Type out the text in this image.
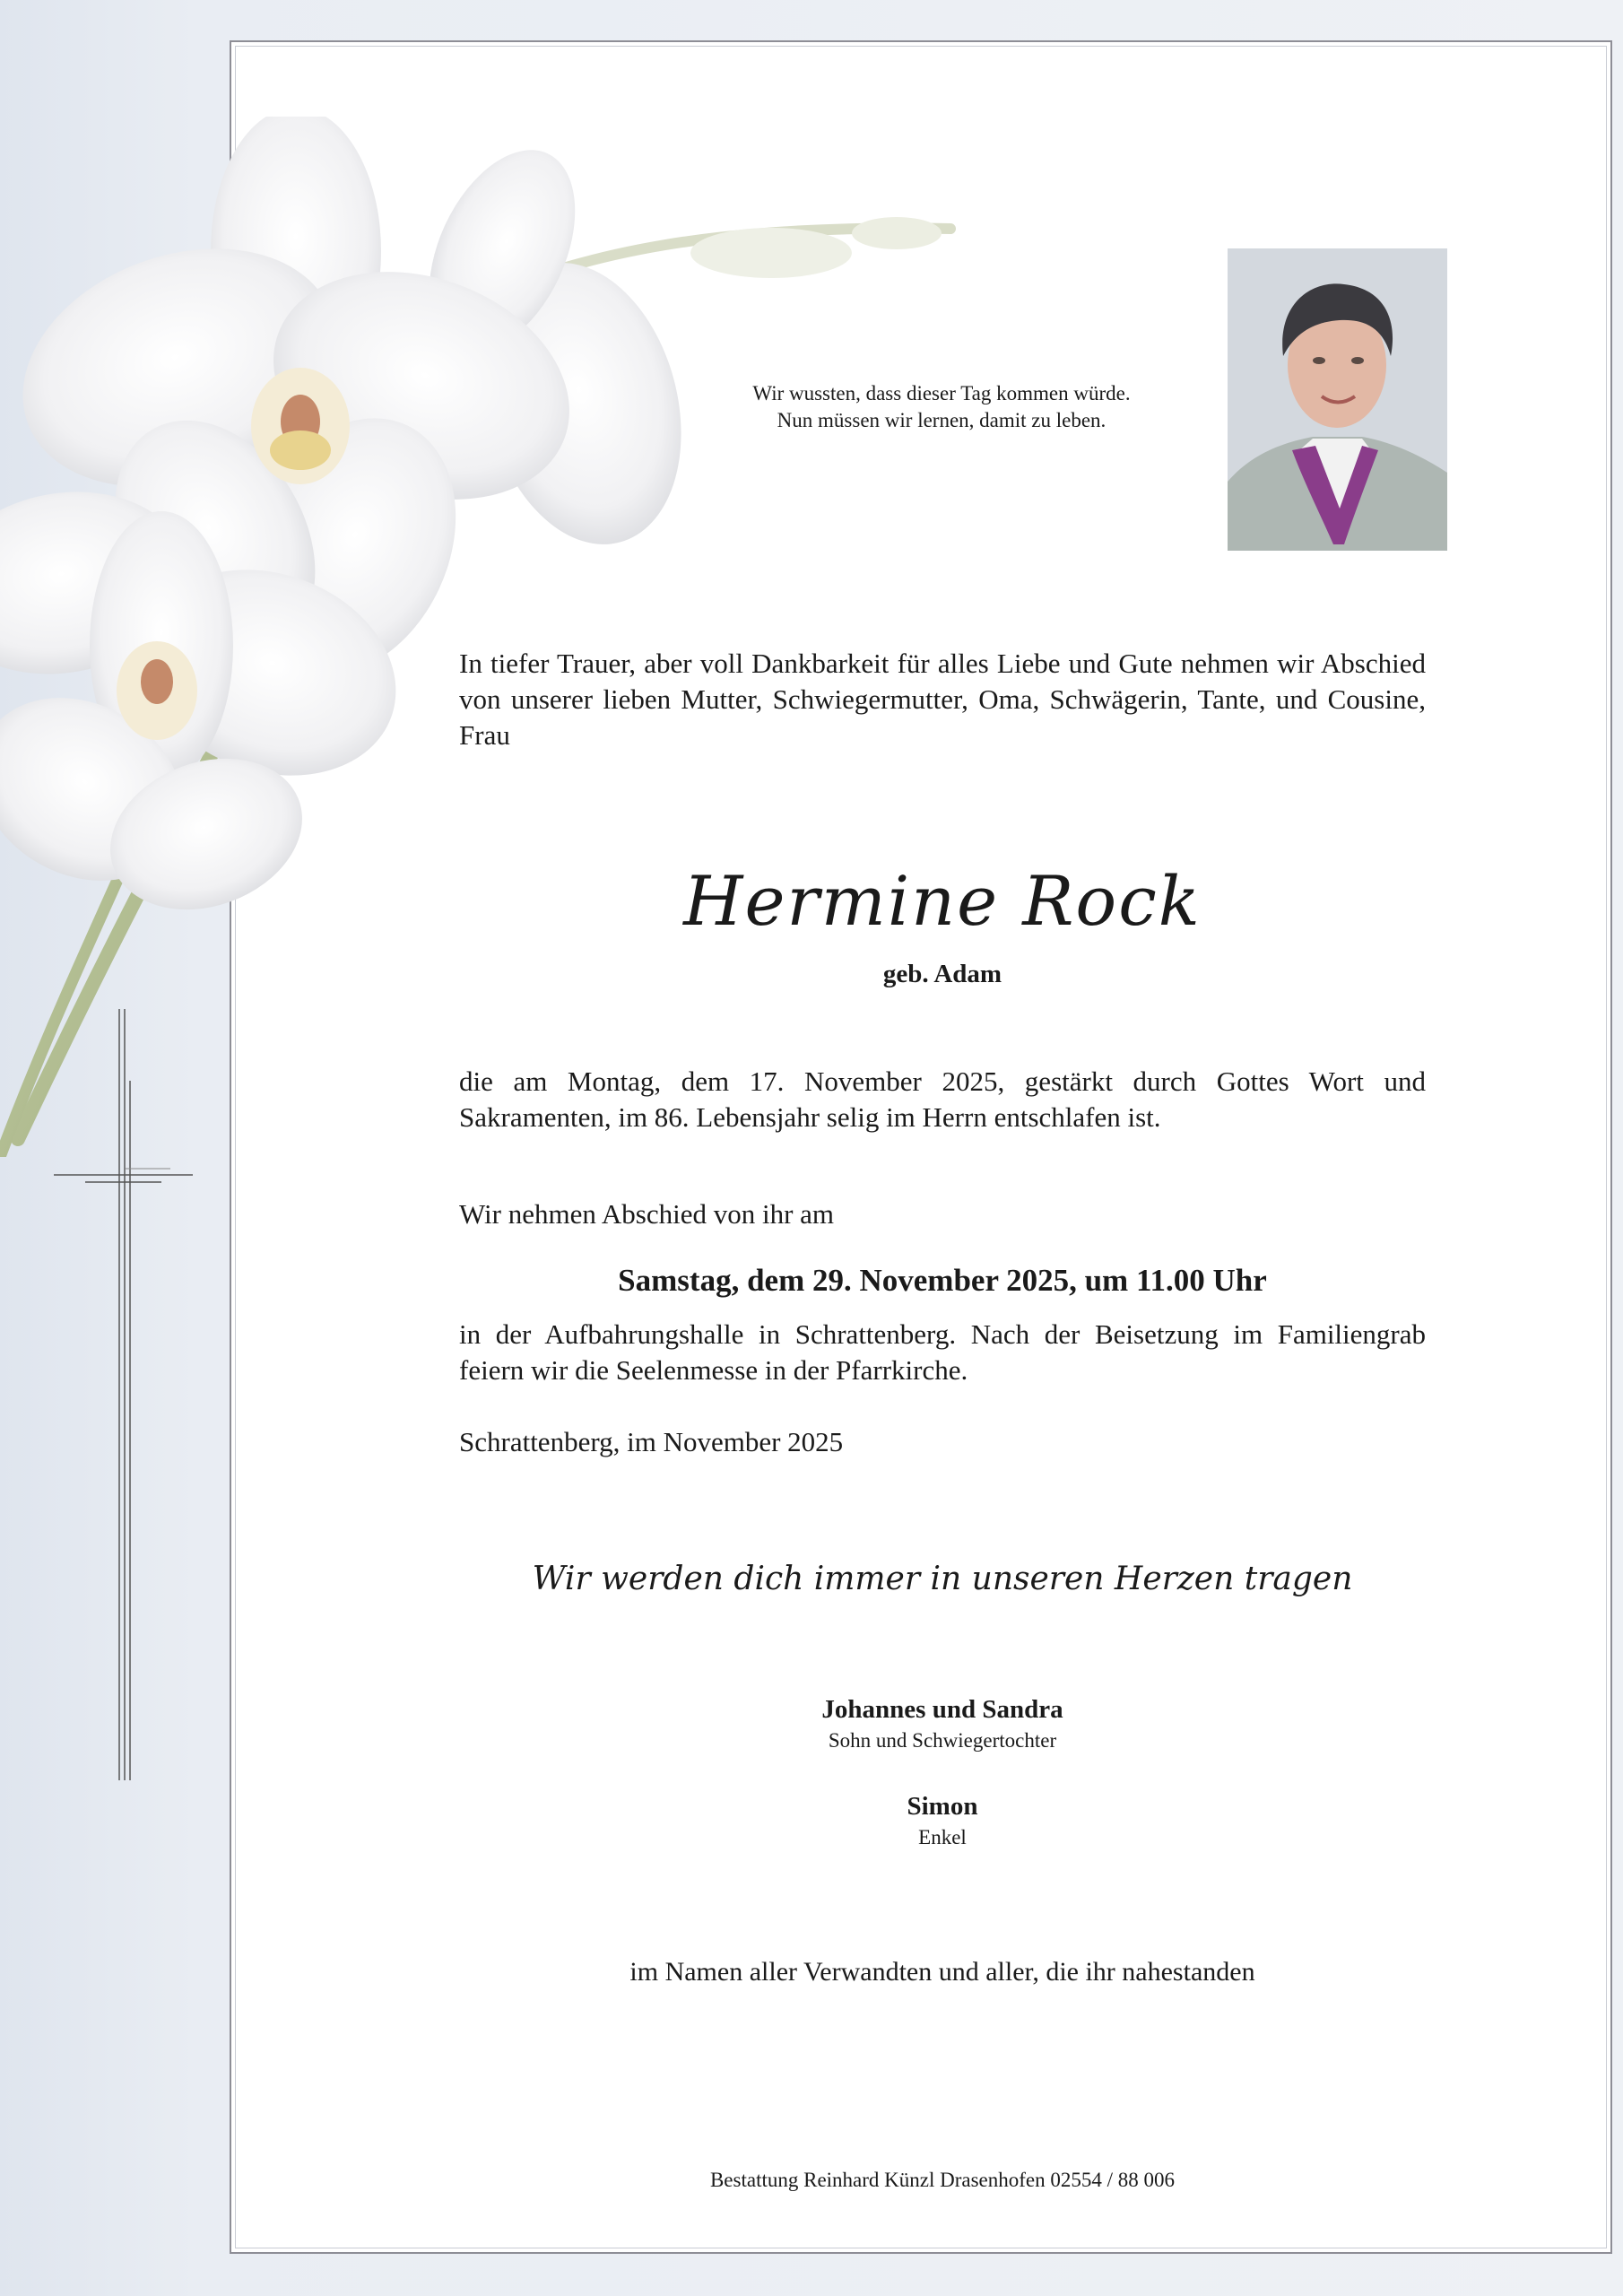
Wir wussten, dass dieser Tag kommen würde.
Nun müssen wir lernen, damit zu leben.
In tiefer Trauer, aber voll Dankbarkeit für alles Liebe und Gute nehmen wir Abschied von unserer lieben Mutter, Schwiegermutter, Oma, Schwägerin, Tante, und Cousine, Frau
Hermine Rock
geb. Adam
die am Montag, dem 17. November 2025, gestärkt durch Gottes Wort und Sakramenten, im 86. Lebensjahr selig im Herrn entschlafen ist.
Wir nehmen Abschied von ihr am
Samstag, dem 29. November 2025, um 11.00 Uhr
in der Aufbahrungshalle in Schrattenberg. Nach der Beisetzung im Familiengrab feiern wir die Seelenmesse in der Pfarrkirche.
Schrattenberg, im November 2025
Wir werden dich immer in unseren Herzen tragen
Johannes und Sandra
Sohn und Schwiegertochter
Simon
Enkel
im Namen aller Verwandten und aller, die ihr nahestanden
Bestattung Reinhard Künzl Drasenhofen 02554 / 88 006
